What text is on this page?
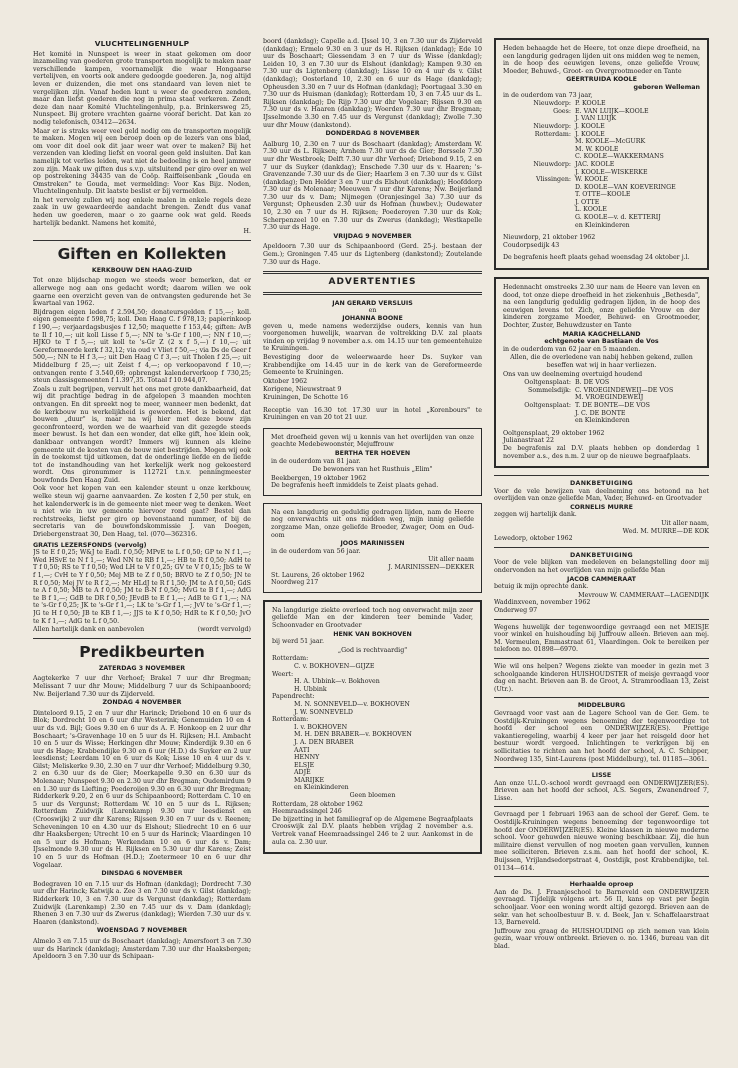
VLUCHTELINGENHULP

Het komité in Nunspeet is weer in staat gekomen om door inzameling van goederen grote transporten mogelijk te maken naar verschillende kampen, voornamelijk die waar Hongaarse vertelijven, en voorts ook andere gedoogde goederen. Ja, nog altijd leven er duizenden, die met ons standaard van leven niet te vergelijken zijn. Vanaf heden kunt u weer de goederen zenden, maar dan liefst goederen die nog in prima staat verkeren. Zendt deze dan naar Komité Vluchtelingenhulp, p.a. Brinkersweg 25, Nunspeet. Bij grotere vrachten gaarne vooraf bericht. Dat kan zo nodig telefonisch, 03412—2634.

Maar er is straks weer veel geld nodig om de transporten mogelijk te maken. Mogen wij een beroep doen op de lezers van ons blad, om voor dit doel ook dit jaar weer wat over te maken? Bij het verzenden van kleding liefst en vooral geen geld insluiten. Dat kan namelijk tot verlies leiden, wat niet de bedoeling is en heel jammer zou zijn. Maak uw giften dus s.v.p. uitsluitend per giro over en wel op postrekening 34435 van de Coöp. Raiffeisenbank „Gouda en Omstreken" te Gouda, met vermelding: Voor Kas Bijz. Noden, Vluchtelingenhulp. Dit laatste beslist er bij vermelden.

In het vervolg zullen wij nog enkele malen in enkele regels deze zaak in uw gewaardeerde aandacht brengen. Zendt dus vanaf heden uw goederen, maar o zo gaarne ook wat geld. Reeds hartelijk bedankt. Namens het komité,

H.

Giften en Kollekten
KERKBOUW DEN HAAG-ZUID

Tot onze blijdschap mogen we steeds weer bemerken, dat er allerwege nog aan ons gedacht wordt; daarom willen we ook gaarne een overzicht geven van de ontvangsten gedurende het 3e kwartaal van 1962.

Bijdragen eigen leden f 2.594,50; donateursgelden f 15,—; koll. eigen gemeente f 598,75; koll. Den Haag C. f 978,13; papierinkoop f 190,—; verjaardagsbusjes f 12,50; maquette f 153,44; giften: AvB te Il f 10,—; uit koll Lisse f 5,—; NN te 's-Gr f 100,—; NN f 10,—; HJKO te T f 5,—; uit koll te 's-Gr Z (2 x f 5,—) f 10,—; uit Gereformeerde kerk f 32,12; via oud v Vliet f 50,—; via Ds de Geer f 500,—; NN te H f 3,—; uit Den Haag C f 3,—; uit Tholen f 25,—; uit Middelburg f 25,—; uit Zeist f 4,—; op verkoopavond f 10,—; ontvangen rente f 3.540,69; opbrengst kalenderverkoop f 730,25; steun classisgemeenten f 1.397,35. Totaal f 10.944,07.

Zoals u zult begrijpen, vervult het ons met grote dankbaarheid, dat wij dit prachtige bedrag in de afgelopen 3 maanden mochten ontvangen. En dit spreekt nog te meer, wanneer men bedenkt, dat de kerkbouw nu werkelijkheid is geworden. Het is bekend, dat bouwen „duur" is, maar na wij hier met deze bouw zijn geconfronteerd, worden we de waarheid van dit gezegde steeds meer bewust. Is het dan een wonder, dat elke gift, hoe klein ook, dankbaar ontvangen wordt? Immers wij kunnen als kleine gemeente uit de kosten van de bouw niet bestrijden. Mogen wij ook in de toekomst tijd uitkomen, dat de onderlinge liefde en de liefde tot de instandhouding van het kerkelijk werk nog gekoesterd wordt. Ons gironummer is 112721 t.n.v. penningmeester bouwfonds Den Haag Zuid.

Ook voor het kopen van een kalender steunt u onze kerkbouw, welke steun wij gaarne aanvaarden. Ze kosten f 2,50 per stuk, en het kalenderwerk is in de gemeente niet meer weg te denken. Weet u niet wie in uw gemeente hiervoor rond gaat? Bestel dan rechtstreeks, liefst per giro op bovenstaand nummer, of bij de secretaris van de bouwfondskommissie J. van Doegen, Driebergenstraat 30, Den Haag, tel. (070—362316.

GRATIS LEZERSFONDS (vervolg)

JS te E f 0,25; W&J te Eadl. f 0,50; MPvE te L f 0,50; GP te N f 1,—; Wed HSvE te N f 1,—; Wed NN te RB f 1,—; HB te R f 0,50; AdH te T f 0,50; RS te T f 0,50; Wed LH te V f 0,25; GV te V f 0,15; JbS te W f 1,—; CvH te Y f 0,50; Mej MB te Z f 0,50; BRVO te Z f 0,50; JN te R f 0,50; Mej JV te R f 2,—; Mr HLdJ te R f 1,50; JM te A f 0,50; GdS te A f 0,50; MB te A f 0,50; JM te B-N f 0,50; MvG te B f 1,—; AdG te B f 1,—; GdB te DR f 0,50; JEvdB te E f 1,—; AdB te G f 1,—; NA te 's-Gr f 0,25; JK te 's-Gr f 1,—; LK te 's-Gr f 1,—; JvV te 's-Gr f 1,—; JG te H f 0,50; JB te KB f 1,—; JJS te K f 0,50; HdR te K f 0,50; JvO te K f 1,—; AdG te L f 0,50.

Allen hartelijk dank en aanbevolen	(wordt vervolgd)
Predikbeurten
ZATERDAG 3 NOVEMBER

Aagtekerke 7 uur dhr Verhoef; Brakel 7 uur dhr Bregman; Melissant 7 uur dhr Mouw; Middelburg 7 uur ds Schipaanboord; Nw. Beijerland 7.30 uur ds Zijderveld.

ZONDAG 4 NOVEMBER

Dinteloord 9.15, 2 en 7 uur dhr Harinck; Driebond 10 en 6 uur ds Blok; Dordrecht 10 en 6 uur dhr Westerink; Genemuiden 10 en 4 uur ds v.d. Bijl; Goes 9.30 en 6 uur ds A. F. Honkoop en 2 uur dhr Boschaart; 's-Gravenhage 10 en 5 uur ds H. Rijksen; H.I. Ambacht 10 en 5 uur ds Wisse; Herkingen dhr Mouw; Kinderdijk 9.30 en 6 uur ds Hage; Krabbendijke 9.30 en 6 uur (H.D.) ds Suyker en 2 uur leesdienst; Leerdam 10 en 6 uur ds Kok; Lisse 10 en 4 uur ds v. Gilst; Meliskerke 9.30, 2.30 en 7 uur dhr Verhoef; Middelburg 9.30, 2 en 6.30 uur ds de Gier; Moerkapelle 9.30 en 6.30 uur ds Molenaar; Nunspeet 9.30 en 2.30 uur dhr Bregman; Oudemirdum 9 en 1.30 uur ds Liefting; Poederoijen 9.30 en 6.30 uur dhr Bregman; Ridderkerk 9.20, 2 en 6 uur ds Schipaanboord; Rotterdam C. 10 en 5 uur ds Vergunst; Rotterdam W. 10 en 5 uur ds L. Rijksen; Rotterdam Zuidwijk (Larenkamp) 9.30 uur leesdienst en (Crooswijk) 2 uur dhr Karens; Rijssen 9.30 en 7 uur ds v. Reenen; Scheveningen 10 en 4.30 uur ds Elshout; Sliedrecht 10 en 6 uur dhr Haaksbergen; Utrecht 10 en 5 uur ds Harinck; Vlaardingen 10 en 5 uur ds Hofman; Werkendam 10 en 6 uur ds v. Dam; IJsselmonde 9.30 uur ds H. Rijksen en 5.30 uur dhr Karens; Zeist 10 en 5 uur ds Hofman (H.D.); Zoetermeer 10 en 6 uur dhr Vogelaar.

DINSDAG 6 NOVEMBER

Bodegraven 10 en 7.15 uur ds Hofman (dankdag); Dordrecht 7.30 uur dhr Harinck; Katwijk a. Zee 3 en 7.30 uur ds v. Gilst (dankdag); Ridderkerk 10, 3 en 7.30 uur ds Vergunst (dankdag); Rotterdam Zuidwijk (Larenkamp) 2.30 en 7.45 uur ds v. Dam (dankdag); Rhenen 3 en 7.30 uur ds Zwerus (dankdag); Wierden 7.30 uur ds v. Haaren (dankstond).

WOENSDAG 7 NOVEMBER

Almelo 3 en 7.15 uur ds Boschaart (dankdag); Amersfoort 3 en 7.30 uur ds Harinck (dankdag); Amsterdam 7.30 uur dhr Haaksbergen; Apeldoorn 3 en 7.30 uur ds Schipaan-

boord (dankdag); Capelle a.d. IJssel 10, 3 en 7.30 uur ds Zijderveld (dankdag); Ermelo 9.30 en 3 uur ds H. Rijksen (dankdag); Ede 10 uur ds Boschaart; Giessendam 3 en 7 uur ds Wisse (dankdag); Leiden 10, 3 en 7.30 uur ds Elshout (dankdag); Kampen 9.30 en 7.30 uur ds Ligtenberg (dankdag); Lisse 10 en 4 uur ds v. Gilst (dankdag); Oosterland 10, 2.30 en 6 uur ds Hage (dankdag); Opheusden 3.30 en 7 uur ds Hofman (dankdag); Poortugaal 3.30 en 7.30 uur ds Huisman (dankdag); Rotterdam 10, 3 en 7.45 uur ds L. Rijksen (dankdag); De Rijp 7.30 uur dhr Vogelaar; Rijssen 9.30 en 7.30 uur ds v. Haaren (dankdag); Woerden 7.30 uur dhr Bregman; IJsselmonde 3.30 en 7.45 uur ds Vergunst (dankdag); Zwolle 7.30 uur dhr Mouw (dankstond).

DONDERDAG 8 NOVEMBER

Aalburg 10, 2.30 en 7 uur ds Boschaart (dankdag); Amsterdam W. 7.30 uur ds L. Rijksen; Arnhem 7.30 uur ds de Gier; Borssele 7.30 uur dhr Westbroek; Delft 7.30 uur dhr Verhoef; Driebond 9.15, 2 en 7 uur ds Suyker (dankdag); Enschede 7.30 uur ds v. Haaren; 's-Gravenzande 7.30 uur ds de Gier; Haarlem 3 en 7.30 uur ds v. Gilst (dankdag); Den Helder 3 en 7 uur ds Elshout (dankdag); Hoofddorp 7.30 uur ds Molenaar; Meeuwen 7 uur dhr Karens; Nw. Beijerland 7.30 uur ds v. Dam; Nijmegen (Oranjesingel 3a) 7.30 uur ds Vergunst; Opheusden 2.30 uur ds Hofman (huwbev.); Oudewater 10, 2.30 en 7 uur ds H. Rijksen; Poederoyen 7.30 uur ds Kok; Scherpenzeel 10 en 7.30 uur ds Zwerus (dankdag); Westkapelle 7.30 uur ds Hage.

VRIJDAG 9 NOVEMBER

Apeldoorn 7.30 uur ds Schipaanboord (Gerd. 25-j. bestaan der Gem.); Groningen 7.45 uur ds Ligtenberg (dankstond); Zoutelande 7.30 uur ds Hage.

ADVERTENTIES
JAN GERARD VERSLUIS
en
JOHANNA BOONE

geven u, mede namens wederzijdse ouders, kennis van hun voorgenomen huwelijk, waarvan de voltrekking D.V. zal plaats vinden op vrijdag 9 november a.s. om 14.15 uur ten gemeentehuize te Kruiningen.

Bevestiging door de weleerwaarde heer Ds. Suyker van Krabbendijke om 14.45 uur in de kerk van de Gereformeerde Gemeente te Kruiningen.

Oktober 1962

Korigene, Nieuwstraat 9
Kruiningen, De Schotte 16

Receptie van 16.30 tot 17.30 uur in hotel „Korenbours" te Kruiningen en van 20 tot 21 uur.

Met droefheid geven wij u kennis van het overlijden van onze geachte Medebewoonster, Mejuffrouw

BERTHA TER HOEVEN

in de ouderdom van 81 jaar.

De bewoners van het Rusthuis „Elim"

Beekbergen, 19 oktober 1962
De begrafenis heeft inmiddels te Zeist plaats gehad.

Na een langdurig en geduldig gedragen lijden, nam de Heere nog onverwachts uit ons midden weg, mijn innig geliefde zorgzame Man, onze geliefde Broeder, Zwager, Oom en Oud-oom

JOOS MARINISSEN

in de ouderdom van 56 jaar.

Uit aller naam
J. MARINISSEN—DEKKER
St. Laurens, 26 oktober 1962
Noordweg 217

Na langdurige ziekte overleed toch nog onverwacht mijn zeer geliefde Man en der kinderen teer beminde Vader, Schoonvader en Grootvader

HENK VAN BOKHOVEN

bij werd 51 jaar.

„God is rechtvaardig"

Rotterdam:
C. v. BOKHOVEN—GIJZE
Weert:
H. A. Ubbink—v. Bokhoven
H. Ubbink
Papendrecht:
M. N. SONNEVELD—v. BOKHOVEN
J. W. SONNEVELD
Rotterdam:
I. v. BOKHOVEN
M. H. DEN BRABER—v. BOKHOVEN
J. A. DEN BRABER
AATI
HENNY
ELSJE
ADJE
MARIJKE
en Kleinkinderen

Geen bloemen

Rotterdam, 28 oktober 1962
Heemraadssingel 246

De bijzetting in het familiegraf op de Algemene Begraafplaats Crooswijk zal D.V. plaats hebben vrijdag 2 november a.s. Vertrek vanaf Heemraadssingel 246 te 2 uur. Aankomst in de aula ca. 2.30 uur.

Heden behaagde het de Heere, tot onze diepe droefheid, na een langdurig gedragen lijden uit ons midden weg te nemen, in de hoop des eeuwigen levens, onze geliefde Vrouw, Moeder, Behuwd-, Groot- en Overgrootmoeder en Tante

GEERTRUIDA KOOLE
geboren Welleman

in de ouderdom van 73 jaar,

Nieuwdorp: P. KOOLE
Goes: E. VAN LUIJK—KOOLE
J. VAN LUIJK
Nieuwdorp: J. KOOLE
Rotterdam: J. KOOLE
M. KOOLE—McGURK
M. W. KOOLE
C. KOOLE—WAKKERMANS
Nieuwdorp: JAC. KOOLE
J. KOOLE—WISKERKE
Vlissingen: W. KOOLE
D. KOOLE—VAN KOEVERINGE
T. OTTE—KOOLE
J. OTTE
L. KOOLE
G. KOOLE—v. d. KETTERIJ
en Kleinkinderen
Nieuwdorp, 21 oktober 1962
Coudorpsedijk 43

De begrafenis heeft plaats gehad woensdag 24 oktober j.l.

Hedennacht omstreeks 2.30 uur nam de Heere van leven en dood, tot onze diepe droefheid in het ziekenhuis „Bethesda", na een langdurig geduldig gedragen lijden, in de hoop des eeuwigen levens tot Zich, onze geliefde Vrouw en der kinderen zorgzame Moeder, Behuwd- en Grootmoeder, Dochter, Zuster, Behuwdzuster en Tante

MARIA KAGCHELLAND
echtgenote van Bastiaan de Vos

in de ouderdom van 62 jaar en 5 maanden.

Allen, die de overledene van nabij hebben gekend, zullen beseffen wat wij in haar verliezen.

Ons van uw deelneming overtuigd houdend

Ooltgensplaat: B. DE VOS
Sommelsdijk: C. VROEGINDEWEIJ—DE VOS
M. VROEGINDEWEIJ
Ooltgensplaat: T. DE BONTE—DE VOS
J. C. DE BONTE
en Kleinkinderen
Ooltgensplaat, 29 oktober 1962
Julianastraat 22

De begrafenis zal D.V. plaats hebben op donderdag 1 november a.s., des n.m. 2 uur op de nieuwe begraafplaats.

DANKBETUIGING

Voor de vele bewijzen van deelneming ons betoond na het overlijden van onze geliefde Man, Vader, Behuwd- en Grootvader

CORNELIS MURRE

zeggen wij hartelijk dank.

Uit aller naam,
Wed. M. MURRE—DE KOK
Lewedorp, oktober 1962
DANKBETUIGING

Voor de vele blijken van medeleven en belangstelling door mij ondervonden na het overlijden van mijn geliefde Man

JACOB CAMMERAAT

betuig ik mijn oprechte dank.

Mevrouw W. CAMMERAAT—LAGENDIJK
Waddinxveen, november 1962
Onderweg 97

Wegens huwelijk der tegenwoordige gevraagd een net MEISJE voor winkel en huishouding bij Juffrouw alleen. Brieven aan mej. M. Vermeulen, Emmastraat 61, Vlaardingen. Ook te bereiken per telefoon no. 01898—6970.

Wie wil ons helpen? Wegens ziekte van moeder in gezin met 3 schoolgaande kinderen HUISHOUDSTER of meisje gevraagd voor dag en nacht. Brieven aan B. de Groot, A. Stramroodlaan 13, Zeist (Utr.).

MIDDELBURG

Gevraagd voor vast aan de Lagere School van de Ger. Gem. te Oostdijk-Kruiningen wegens benoeming der tegenwoordige tot hoofd der school een ONDERWIJZER(ES). Prettige vakantieregeling, waarbij 4 keer per jaar het reisgeld door het bestuur wordt vergoed. Inlichtingen te verkrijgen bij en sollicitaties te richten aan het hoofd der school, A. C. Schipper, Noordweg 135, Sint-Laurens (post Middelburg), tel. 01185—3061.

LISSE

Aan onze U.L.O.-school wordt gevraagd een ONDERWIJZER(ES). Brieven aan het hoofd der school, A.S. Segers, Zwanendreef 7, Lisse.

Gevraagd per 1 februari 1963 aan de school der Geref. Gem. te Oostdijk-Kruiningen wegens benoeming der tegenwoordige tot hoofd der ONDERWIJZER(ES). Kleine klassen in nieuwe moderne school. Voor gehuwden nieuwe woning beschikbaar. Zij, die hun militaire dienst vervullen of nog moeten gaan vervullen, kunnen mee solliciteren. Brieven z.s.m. aan het hoofd der school, K. Buijssen, Vrijlandsedorpstraat 4, Oostdijk, post Krabbendijke, tel. 01134—614.

Herhaalde oproep

Aan de Ds. J. Fraanjeschool te Barneveld een ONDERWIJZER gevraagd. Tijdelijk volgens art. 56 II, kans op vast per begin schooljaar. Voor een woning wordt altijd gezorgd. Brieven aan de sekr. van het schoolbestuur B. v. d. Beek, Jan v. Schaffelaarstraat 13, Barneveld.

Juffrouw zou graag de HUISHOUDING op zich nemen van klein gezin, waar vrouw ontbreekt. Brieven o. no. 1346, bureau van dit blad.
